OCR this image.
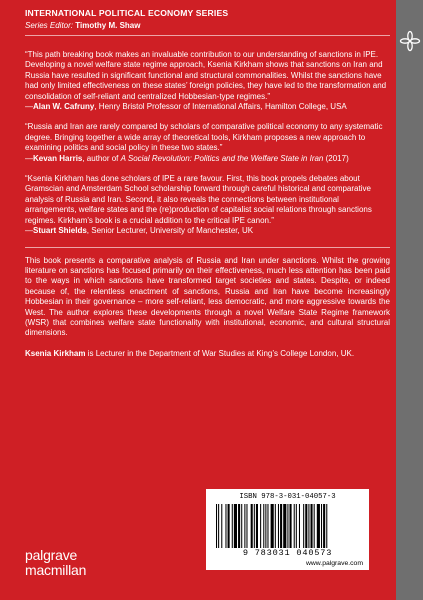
INTERNATIONAL POLITICAL ECONOMY SERIES
Series Editor: Timothy M. Shaw

“This path breaking book makes an invaluable contribution to our understanding of sanctions in IPE. Developing a novel welfare state regime approach, Ksenia Kirkham shows that sanctions on Iran and Russia have resulted in significant functional and structural commonalities. Whilst the sanctions have had only limited effectiveness on these states’ foreign policies, they have led to the transformation and consolidation of self-reliant and centralized Hobbesian-type regimes.”

—Alan W. Cafruny, Henry Bristol Professor of International Affairs, Hamilton College, USA

“Russia and Iran are rarely compared by scholars of comparative political economy to any systematic degree. Bringing together a wide array of theoretical tools, Kirkham proposes a new approach to examining politics and social policy in these two states.”

—Kevan Harris, author of A Social Revolution: Politics and the Welfare State in Iran (2017)

“Ksenia Kirkham has done scholars of IPE a rare favour. First, this book propels debates about Gramscian and Amsterdam School scholarship forward through careful historical and comparative analysis of Russia and Iran. Second, it also reveals the connections between institutional arrangements, welfare states and the (re)production of capitalist social relations through sanctions regimes. Kirkham’s book is a crucial addition to the critical IPE canon.”

—Stuart Shields, Senior Lecturer, University of Manchester, UK

This book presents a comparative analysis of Russia and Iran under sanctions. Whilst the growing literature on sanctions has focused primarily on their effectiveness, much less attention has been paid to the ways in which sanctions have transformed target societies and states. Despite, or indeed because of, the relentless enactment of sanctions, Russia and Iran have become increasingly Hobbesian in their governance – more self-reliant, less democratic, and more aggressive towards the West. The author explores these developments through a novel Welfare State Regime framework (WSR) that combines welfare state functionality with institutional, economic, and cultural structural dimensions.

Ksenia Kirkham is Lecturer in the Department of War Studies at King’s College London, UK.

ISBN 978-3-031-04057-3
9 783031 040573
www.palgrave.com
palgrave
macmillan
